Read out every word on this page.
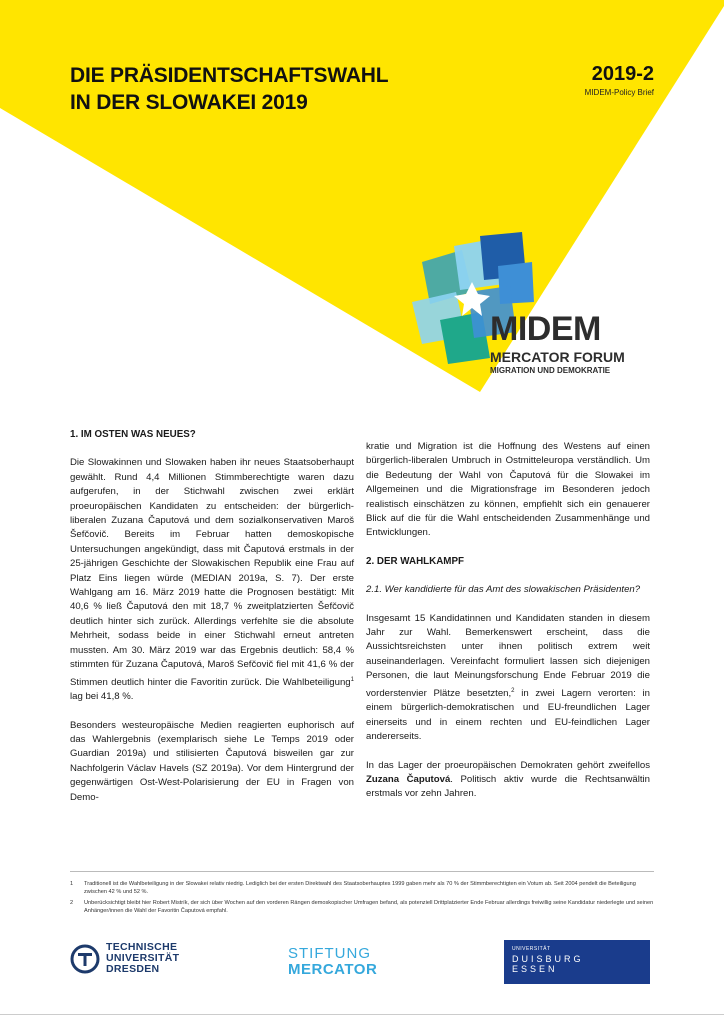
DIE PRÄSIDENTSCHAFTSWAHL
IN DER SLOWAKEI 2019
2019-2
MIDEM-Policy Brief
MIDEM
MERCATOR FORUM
MIGRATION UND DEMOKRATIE
1. IM OSTEN WAS NEUES?
Die Slowakinnen und Slowaken haben ihr neues Staatsoberhaupt gewählt. Rund 4,4 Millionen Stimmberechtigte waren dazu aufgerufen, in der Stichwahl zwischen zwei erklärt proeuropäischen Kandidaten zu entscheiden: der bürgerlich-liberalen Zuzana Čaputová und dem sozialkonservativen Maroš Šefčovič. Bereits im Februar hatten demoskopische Untersuchungen angekündigt, dass mit Čaputová erstmals in der 25-jährigen Geschichte der Slowakischen Republik eine Frau auf Platz Eins liegen würde (MEDIAN 2019a, S. 7). Der erste Wahlgang am 16. März 2019 hatte die Prognosen bestätigt: Mit 40,6 % ließ Čaputová den mit 18,7 % zweitplatzierten Šefčovič deutlich hinter sich zurück. Allerdings verfehlte sie die absolute Mehrheit, sodass beide in einer Stichwahl erneut antreten mussten. Am 30. März 2019 war das Ergebnis deutlich: 58,4 % stimmten für Zuzana Čaputová, Maroš Sefčovič fiel mit 41,6 % der Stimmen deutlich hinter die Favoritin zurück. Die Wahlbeteiligung$^1$ lag bei 41,8 %.
Besonders westeuropäische Medien reagierten euphorisch auf das Wahlergebnis (exemplarisch siehe Le Temps 2019 oder Guardian 2019a) und stilisierten Čaputová bisweilen gar zur Nachfolgerin Václav Havels (SZ 2019a). Vor dem Hintergrund der gegenwärtigen Ost-West-Polarisierung der EU in Fragen von Demo-
kratie und Migration ist die Hoffnung des Westens auf einen bürgerlich-liberalen Umbruch in Ostmitteleuropa verständlich. Um die Bedeutung der Wahl von Čaputová für die Slowakei im Allgemeinen und die Migrationsfrage im Besonderen jedoch realistisch einschätzen zu können, empfiehlt sich ein genauerer Blick auf die für die Wahl entscheidenden Zusammenhänge und Entwicklungen.
2. DER WAHLKAMPF
2.1. Wer kandidierte für das Amt des slowakischen Präsidenten?
Insgesamt 15 Kandidatinnen und Kandidaten standen in diesem Jahr zur Wahl. Bemerkenswert erscheint, dass die Aussichtsreichsten unter ihnen politisch extrem weit auseinanderlagen. Vereinfacht formuliert lassen sich diejenigen Personen, die laut Meinungsforschung Ende Februar 2019 die vorderstenvier Plätze besetzten,$^2$ in zwei Lagern verorten: in einem bürgerlich-demokratischen und EU-freundlichen Lager einerseits und in einem rechten und EU-feindlichen Lager andererseits.
In das Lager der proeuropäischen Demokraten gehört zweifellos Zuzana Čaputová. Politisch aktiv wurde die Rechtsanwältin erstmals vor zehn Jahren.
1	Traditionell ist die Wahlbeteiligung in der Slowakei relativ niedrig. Lediglich bei der ersten Direktwahl des Staatsoberhauptes 1999 gaben mehr als 70 % der Stimmberechtigten ein Votum ab. Seit 2004 pendelt die Beteiligung zwischen 42 % und 52 %.
2	Unberücksichtigt bleibt hier Robert Mistrík, der sich über Wochen auf den vorderen Rängen demoskopischer Umfragen befand, als potenziell Drittplatzierter Ende Februar allerdings freiwillig seine Kandidatur niederlegte und seinen Anhänger/innen die Wahl der Favoritin Čaputová empfahl.
TECHNISCHE
UNIVERSITÄT
DRESDEN
STIFTUNG
MERCATOR
UNIVERSITÄT
DUISBURG
ESSEN
